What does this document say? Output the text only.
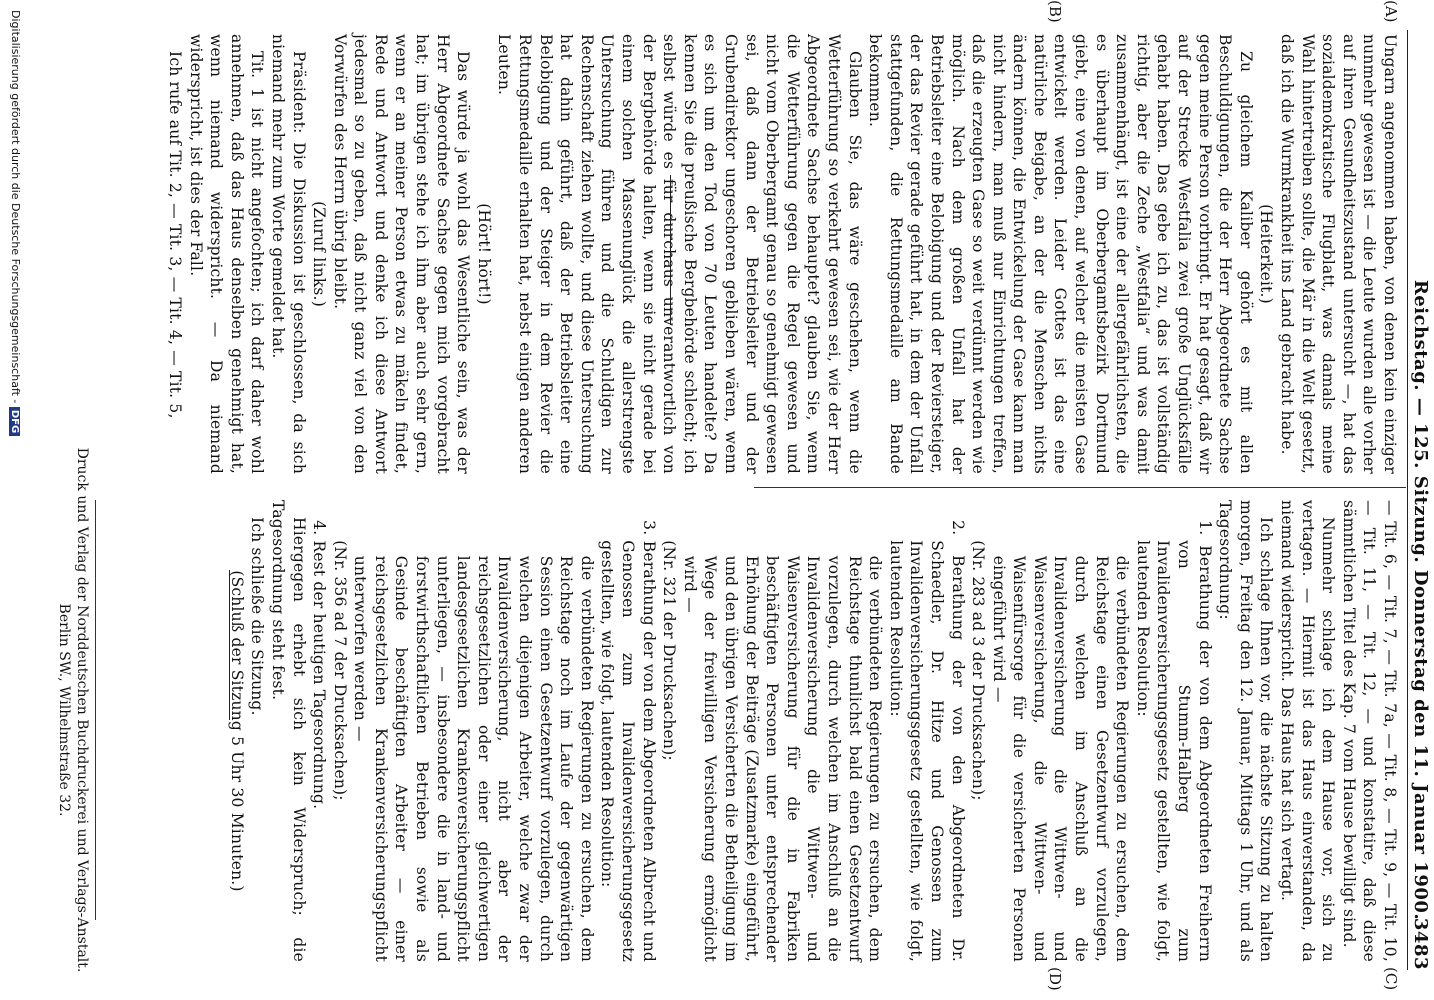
Reichstag. — 125. Sitzung. Donnerstag den 11. Januar 1900.
3483
(A)
(B)
(C)
(D)

Ungarn angenommen haben, von denen kein einziger nunmehr gewesen ist — die Leute wurden alle vorher auf ihren Gesundheitszustand untersucht —, hat das sozialdemokratische Flugblatt, was damals meine Wahl hintertreiben sollte, die Mär in die Welt gesetzt, daß ich die Wurmkrankheit ins Land gebracht habe.

(Heiterkeit.)

Zu gleichem Kaliber gehört es mit allen Beschuldigungen, die der Herr Abgeordnete Sachse gegen meine Person vorbringt. Er hat gesagt, daß wir auf der Strecke Westfalia zwei große Unglücksfälle gehabt haben. Das gebe ich zu, das ist vollständig richtig, aber die Zeche „Westfalia“ und was damit zusammenhängt, ist eine der allergefährlichsten, die es überhaupt im Oberbergamtsbezirk Dortmund giebt, eine von denen, auf welcher die meisten Gase entwickelt werden. Leider Gottes ist das eine natürliche Beigabe, an der die Menschen nichts ändern können, die Entwickelung der Gase kann man nicht hindern, man muß nur Einrichtungen treffen, daß die erzeugten Gase so weit verdünnt werden wie möglich. Nach dem großen Unfall hat der Betriebsleiter eine Belobigung und der Reviersteiger, der das Revier gerade geführt hat, in dem der Unfall stattgefunden, die Rettungsmedaille am Bande bekommen.

Glauben Sie, das wäre geschehen, wenn die Wetterführung so verkehrt gewesen sei, wie der Herr Abgeordnete Sachse behauptet? glauben Sie, wenn die Wetterführung gegen die Regel gewesen und nicht vom Oberbergamt genau so genehmigt gewesen sei, daß dann der Betriebsleiter und der Grubendirektor ungeschoren geblieben wären, wenn es sich um den Tod von 70 Leuten handelte? Da kennen Sie die preußische Bergbehörde schlecht; ich selbst würde es für durchaus unverantwortlich von der Bergbehörde halten, wenn sie nicht gerade bei einem solchen Massenunglück die allerstrengste Untersuchung führen und die Schuldigen zur Rechenschaft ziehen wollte, und diese Untersuchung hat dahin geführt, daß der Betriebsleiter eine Belobigung und der Steiger in dem Revier die Rettungsmedaille erhalten hat, nebst einigen anderen Leuten.

(Hört! hört!)

Das würde ja wohl das Wesentliche sein, was der Herr Abgeordnete Sachse gegen mich vorgebracht hat; im übrigen stehe ich ihm aber auch sehr gern, wenn er an meiner Person etwas zu mäkeln findet, Rede und Antwort und denke ich diese Antwort jedesmal so zu geben, daß nicht ganz viel von den Vorwürfen des Herrn übrig bleibt.

(Zuruf links.)

Präsident: Die Diskussion ist geschlossen, da sich niemand mehr zum Worte gemeldet hat.

Tit. 1 ist nicht angefochten; ich darf daher wohl annehmen, daß das Haus denselben genehmigt hat, wenn niemand widerspricht. — Da niemand widerspricht, ist dies der Fall.

Ich rufe auf Tit. 2, — Tit. 3, — Tit. 4, — Tit. 5,

— Tit. 6, — Tit. 7, — Tit. 7a, — Tit. 8, — Tit. 9, — Tit. 10, — Tit. 11, — Tit. 12, — und konstatire, daß diese sämmtlichen Titel des Kap. 7 vom Hause bewilligt sind.

Nunmehr schlage ich dem Hause vor, sich zu vertagen. — Hiermit ist das Haus einverstanden, da niemand widerspricht. Das Haus hat sich vertagt.

Ich schlage Ihnen vor, die nächste Sitzung zu halten morgen, Freitag den 12. Januar, Mittags 1 Uhr, und als Tagesordnung:

1. Berathung der von dem Abgeordneten Freiherrn von Stumm-Halberg zum Invalidenversicherungsgesetz gestellten, wie folgt, lautenden Resolution:

die verbündeten Regierungen zu ersuchen, dem Reichstage einen Gesetzentwurf vorzulegen, durch welchen im Anschluß an die Invalidenversicherung die Wittwen- und Waisenversicherung, die Wittwen- und Waisenfürsorge für die versicherten Personen eingeführt wird —

(Nr. 283 ad 3 der Drucksachen);

2. Berathung der von den Abgeordneten Dr. Schaedler, Dr. Hitze und Genossen zum Invalidenversicherungsgesetz gestellten, wie folgt, lautenden Resolution:

die verbündeten Regierungen zu ersuchen, dem Reichstage thunlichst bald einen Gesetzentwurf vorzulegen, durch welchen im Anschluß an die Invalidenversicherung die Wittwen- und Waisenversicherung für die in Fabriken beschäftigten Personen unter entsprechender Erhöhung der Beiträge (Zusatzmarke) eingeführt, und den übrigen Versicherten die Betheiligung im Wege der freiwilligen Versicherung ermöglicht wird —

(Nr. 321 der Drucksachen);

3. Berathung der von dem Abgeordneten Albrecht und Genossen zum Invalidenversicherungsgesetz gestellten, wie folgt, lautenden Resolution:

die verbündeten Regierungen zu ersuchen, dem Reichstage noch im Laufe der gegenwärtigen Session einen Gesetzentwurf vorzulegen, durch welchen diejenigen Arbeiter, welche zwar der Invalidenversicherung, nicht aber der reichsgesetzlichen oder einer gleichwertigen landesgesetzlichen Krankenversicherungspflicht unterliegen, — insbesondere die in land- und forstwirthschaftlichen Betrieben sowie als Gesinde beschäftigten Arbeiter — einer reichsgesetzlichen Krankenversicherungspflicht unterworfen werden —

(Nr. 356 ad 7 der Drucksachen);

4. Rest der heutigen Tagesordnung.

Hiergegen erhebt sich kein Widerspruch; die Tagesordnung steht fest.

Ich schließe die Sitzung.

(Schluß der Sitzung 5 Uhr 30 Minuten.)

Druck und Verlag der Norddeutschen Buchdruckerei und Verlags-Anstalt.
Berlin SW., Wilhelmstraße 32.
Digitalisierung gefördert durch die Deutsche Forschungsgemeinschaft - DFG
